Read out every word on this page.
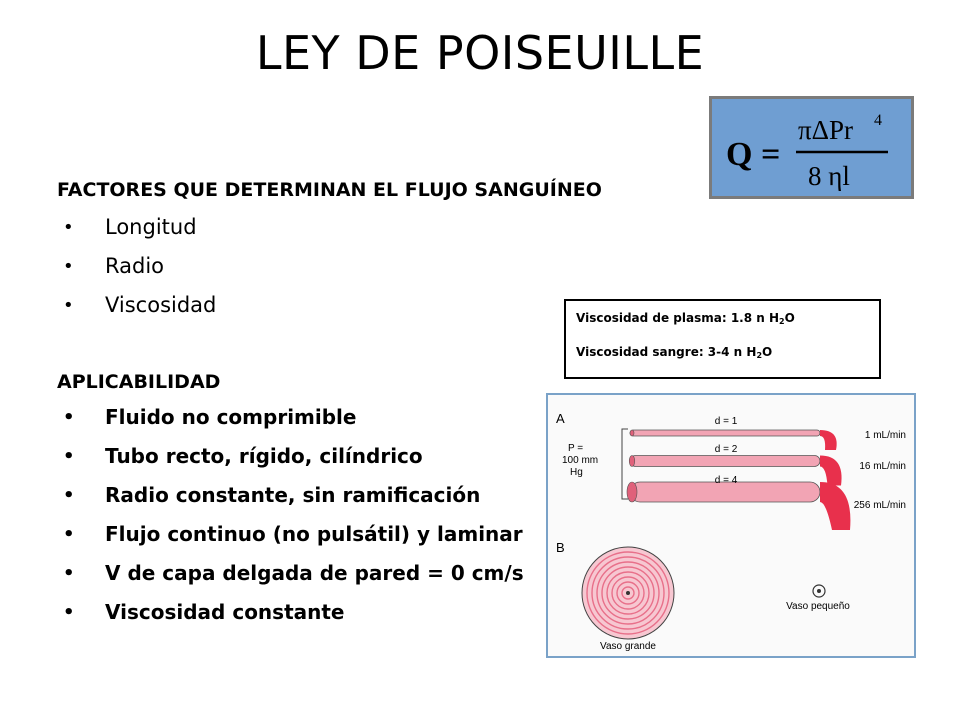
LEY DE POISEUILLE
Q =
πΔPr 4
8 ηl
FACTORES QUE DETERMINAN EL FLUJO SANGUÍNEO
• Longitud
• Radio
• Viscosidad
APLICABILIDAD
• Fluido no comprimible
• Tubo recto, rígido, cilíndrico
• Radio constante, sin ramificación
• Flujo continuo (no pulsátil) y laminar
• V de capa delgada de pared = 0 cm/s
• Viscosidad constante
Viscosidad de plasma: 1.8 n $H_2O$
Viscosidad sangre: 3-4 n $H_2O$
A
B
P =
100 mm
Hg
d = 1
d = 2
d = 4
1 mL/min
16 mL/min
256 mL/min
Vaso pequeño
Vaso grande
